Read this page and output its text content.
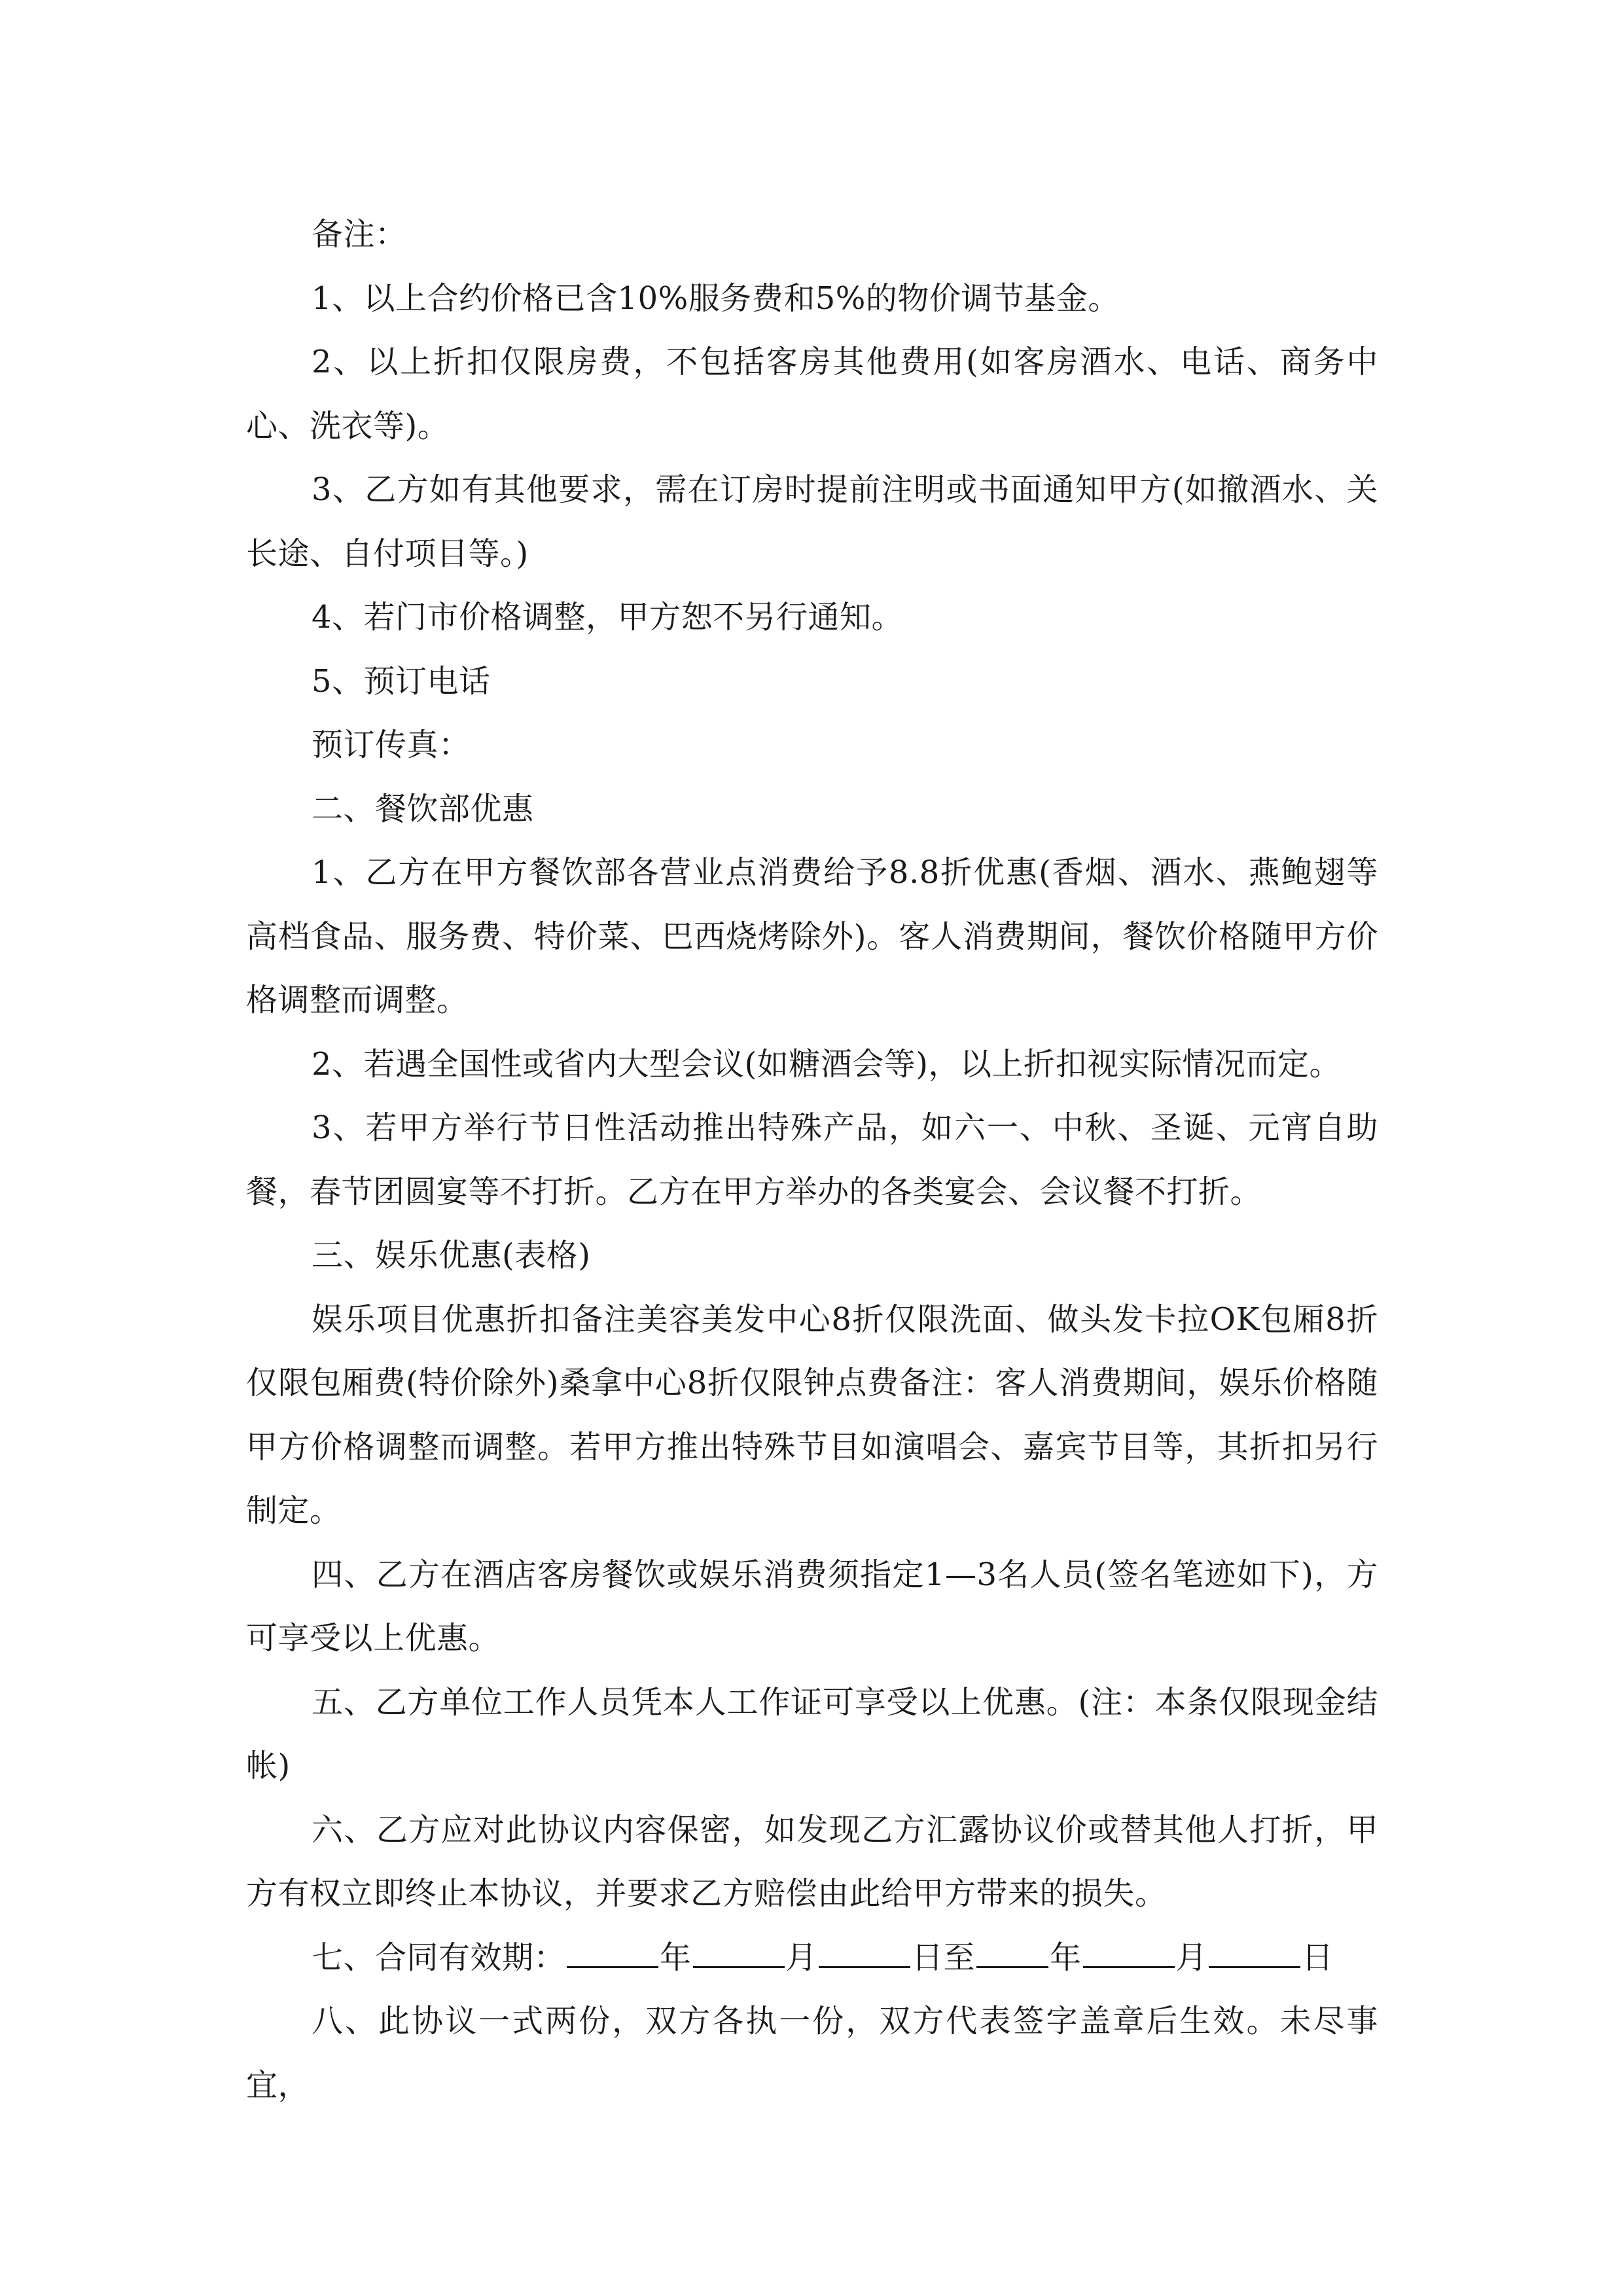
备注：

1、以上合约价格已含10%服务费和5%的物价调节基金。

2、以上折扣仅限房费，不包括客房其他费用(如客房酒水、电话、商务中心、洗衣等)。

3、乙方如有其他要求，需在订房时提前注明或书面通知甲方(如撤酒水、关长途、自付项目等。)

4、若门市价格调整，甲方恕不另行通知。

5、预订电话

预订传真：

二、餐饮部优惠

1、乙方在甲方餐饮部各营业点消费给予8.8折优惠(香烟、酒水、燕鲍翅等高档食品、服务费、特价菜、巴西烧烤除外)。客人消费期间，餐饮价格随甲方价格调整而调整。

2、若遇全国性或省内大型会议(如糖酒会等)，以上折扣视实际情况而定。

3、若甲方举行节日性活动推出特殊产品，如六一、中秋、圣诞、元宵自助餐，春节团圆宴等不打折。乙方在甲方举办的各类宴会、会议餐不打折。

三、娱乐优惠(表格)

娱乐项目优惠折扣备注美容美发中心8折仅限洗面、做头发卡拉OK包厢8折仅限包厢费(特价除外)桑拿中心8折仅限钟点费备注：客人消费期间，娱乐价格随甲方价格调整而调整。若甲方推出特殊节目如演唱会、嘉宾节目等，其折扣另行制定。

四、乙方在酒店客房餐饮或娱乐消费须指定1—3名人员(签名笔迹如下)，方可享受以上优惠。

五、乙方单位工作人员凭本人工作证可享受以上优惠。(注：本条仅限现金结帐)

六、乙方应对此协议内容保密，如发现乙方汇露协议价或替其他人打折，甲方有权立即终止本协议，并要求乙方赔偿由此给甲方带来的损失。

七、合同有效期：	年	月	日至 年	月	日

八、此协议一式两份，双方各执一份，双方代表签字盖章后生效。未尽事宜，
